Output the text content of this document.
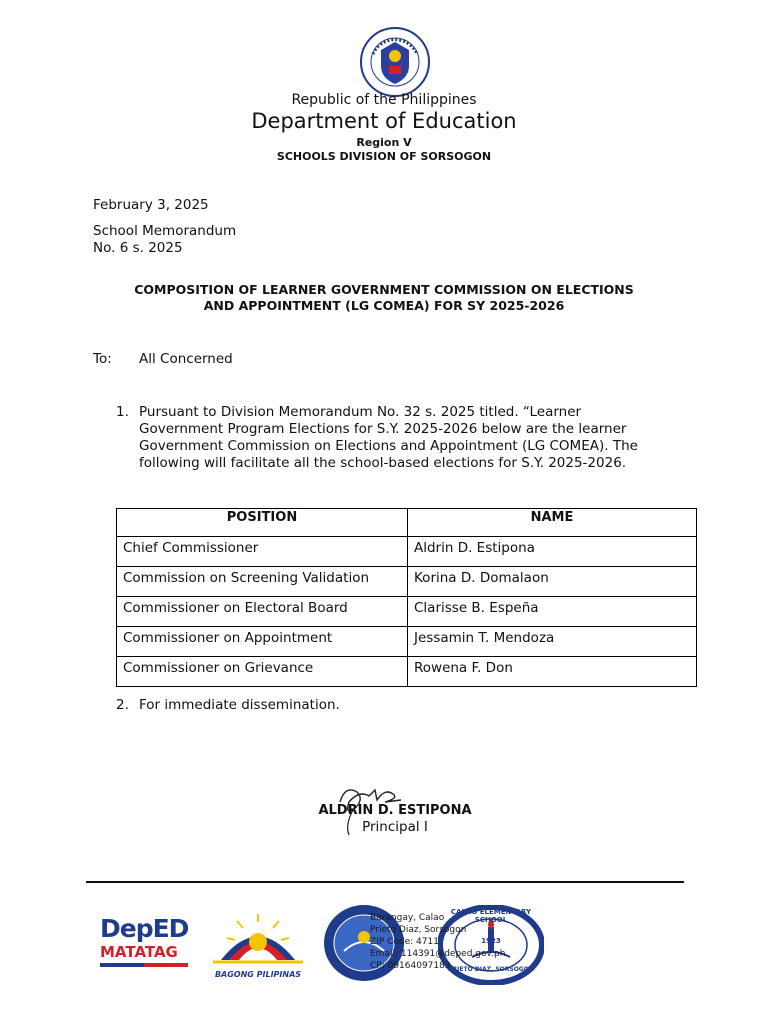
Republic of the Philippines
Department of Education
Region V
SCHOOLS DIVISION OF SORSOGON
February 3, 2025
School Memorandum
No. 6 s. 2025
COMPOSITION OF LEARNER GOVERNMENT COMMISSION ON ELECTIONS
AND APPOINTMENT (LG COMEA) FOR SY 2025-2026
To: All Concerned
1. Pursuant to Division Memorandum No. 32 s. 2025 titled. “Learner
Government Program Elections for S.Y. 2025-2026 below are the learner
Government Commission on Elections and Appointment (LG COMEA). The
following will facilitate all the school-based elections for S.Y. 2025-2026.
POSITION	NAME
Chief Commissioner	Aldrin D. Estipona
Commission on Screening Validation	Korina D. Domalaon
Commissioner on Electoral Board	Clarisse B. Espeña
Commissioner on Appointment	Jessamin T. Mendoza
Commissioner on Grievance	Rowena F. Don
2. For immediate dissemination.
ALDRIN D. ESTIPONA
Principal I
DepED
MATATAG
BAGONG PILIPINAS
CALAO ELEMENTARY SCHOOL
1923
PRIETO DIAZ, SORSOGON
Barangay, Calao
Prieto Diaz, Sorsogon
ZIP Code: 4711
Email: 114391@deped.gov.ph
CP: 09164097183
